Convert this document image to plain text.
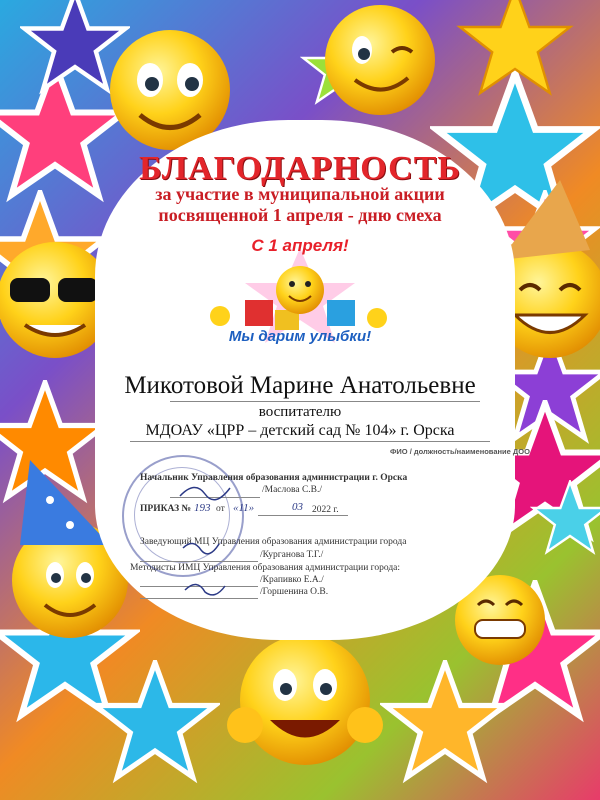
БЛАГОДАРНОСТЬ
за участие в муниципальной акции
посвященной 1 апреля - дню смеха
С 1 апреля!
Мы дарим улыбки!
Микотовой Марине Анатольевне
воспитателю
МДОАУ «ЦРР – детский сад № 104» г. Орска
ФИО / должность/наименование ДОО
Начальник Управления образования администрации г. Орска
/Маслова С.В./
ПРИКАЗ № 193 от «11»	03 2022 г.
Заведующий МЦ Управления образования администрации города
/Курганова Т.Г./
Методисты ИМЦ Управления образования администрации города:
/Крапивко Е.А./
/Горшенина О.В.
